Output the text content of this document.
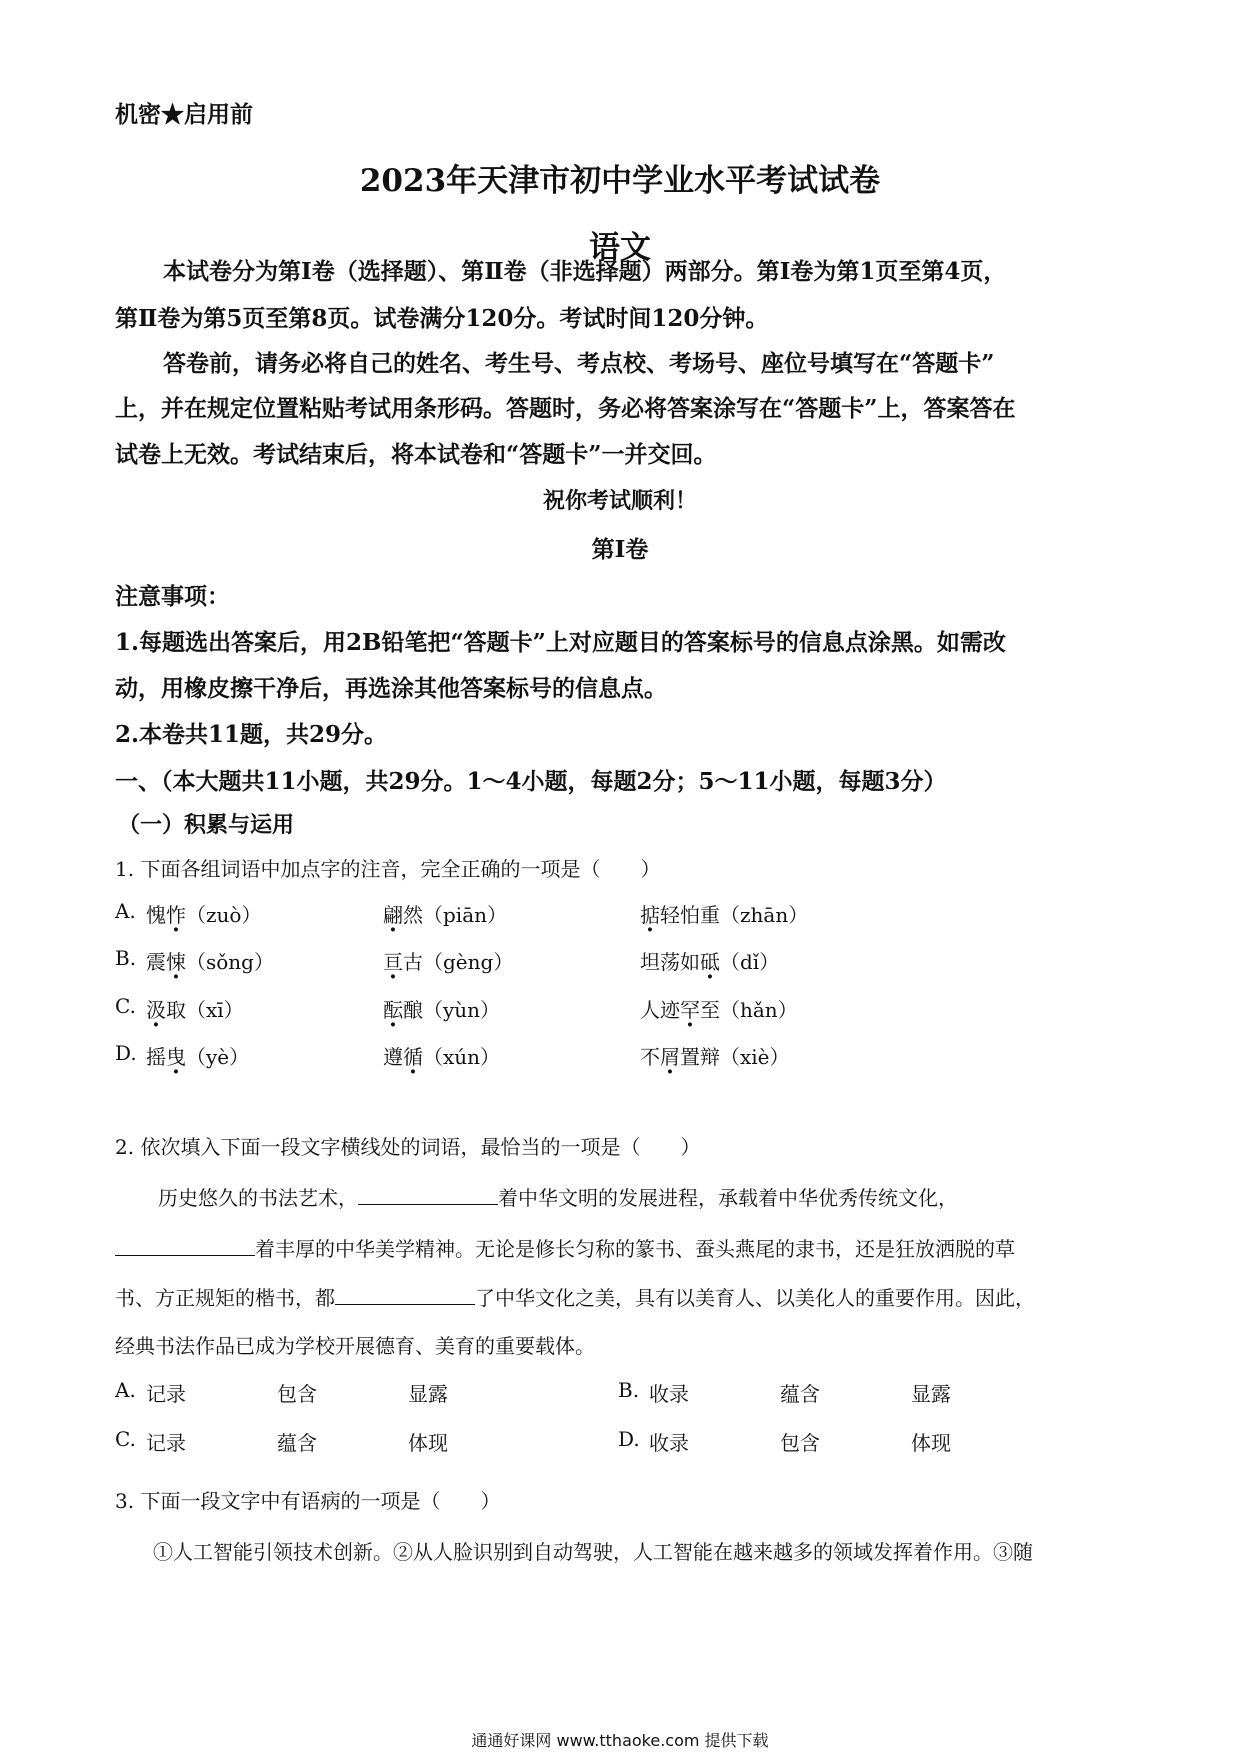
机密★启用前
2023年天津市初中学业水平考试试卷
语文
本试卷分为第Ⅰ卷（选择题）、第Ⅱ卷（非选择题）两部分。第Ⅰ卷为第1页至第4页，
第Ⅱ卷为第5页至第8页。试卷满分120分。考试时间120分钟。
答卷前，请务必将自己的姓名、考生号、考点校、考场号、座位号填写在“答题卡”
上，并在规定位置粘贴考试用条形码。答题时，务必将答案涂写在“答题卡”上，答案答在
试卷上无效。考试结束后，将本试卷和“答题卡”一并交回。
祝你考试顺利！
第Ⅰ卷
注意事项：
1.每题选出答案后，用2B铅笔把“答题卡”上对应题目的答案标号的信息点涂黑。如需改
动，用橡皮擦干净后，再选涂其他答案标号的信息点。
2.本卷共11题，共29分。
一、（本大题共11小题，共29分。1～4小题，每题2分；5～11小题，每题3分）
（一）积累与运用
1. 下面各组词语中加点字的注音，完全正确的一项是（　　）
A. 愧怍（zuò）	翩然（piān）	掂轻怕重（zhān）
B. 震悚（sǒng）	亘古（gèng）	坦荡如砥（dǐ）
C. 汲取（xī）	酝酿（yùn）	人迹罕至（hǎn）
D. 摇曳（yè）	遵循（xún）	不屑置辩（xiè）
2. 依次填入下面一段文字横线处的词语，最恰当的一项是（　　）
历史悠久的书法艺术，	着中华文明的发展进程，承载着中华优秀传统文化，
着丰厚的中华美学精神。无论是修长匀称的篆书、蚕头燕尾的隶书，还是狂放洒脱的草
书、方正规矩的楷书，都	了中华文化之美，具有以美育人、以美化人的重要作用。因此，
经典书法作品已成为学校开展德育、美育的重要载体。
A. 记录	包含	显露	B. 收录	蕴含	显露
C. 记录	蕴含	体现	D. 收录	包含	体现
3. 下面一段文字中有语病的一项是（　　）
①人工智能引领技术创新。②从人脸识别到自动驾驶，人工智能在越来越多的领域发挥着作用。③随
通通好课网 www.tthaoke.com 提供下载
